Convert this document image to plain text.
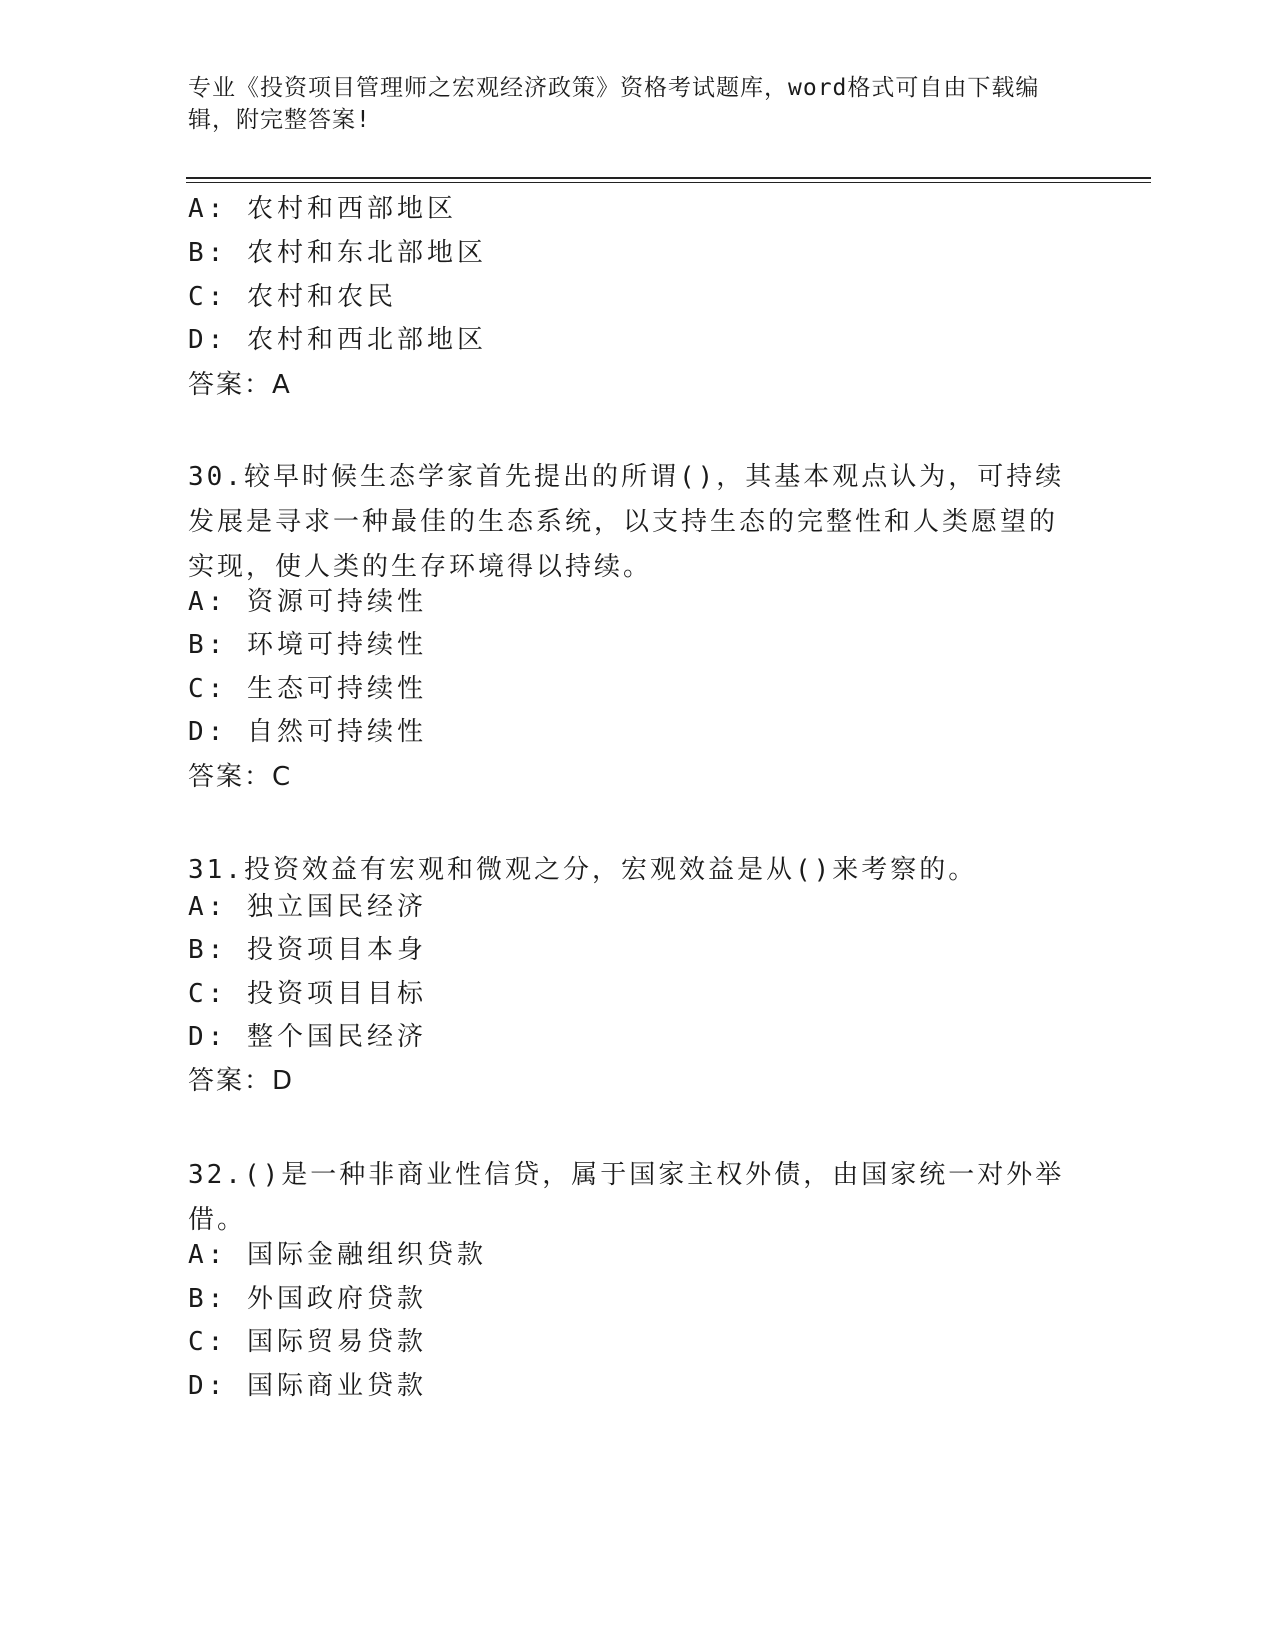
专业《投资项目管理师之宏观经济政策》资格考试题库，word格式可自由下载编辑，附完整答案!
A: 农村和西部地区
B: 农村和东北部地区
C: 农村和农民
D: 农村和西北部地区
答案：A
30.较早时候生态学家首先提出的所谓()，其基本观点认为，可持续发展是寻求一种最佳的生态系统，以支持生态的完整性和人类愿望的实现，使人类的生存环境得以持续。
A: 资源可持续性
B: 环境可持续性
C: 生态可持续性
D: 自然可持续性
答案：C
31.投资效益有宏观和微观之分，宏观效益是从()来考察的。
A: 独立国民经济
B: 投资项目本身
C: 投资项目目标
D: 整个国民经济
答案：D
32.()是一种非商业性信贷，属于国家主权外债，由国家统一对外举借。
A: 国际金融组织贷款
B: 外国政府贷款
C: 国际贸易贷款
D: 国际商业贷款
